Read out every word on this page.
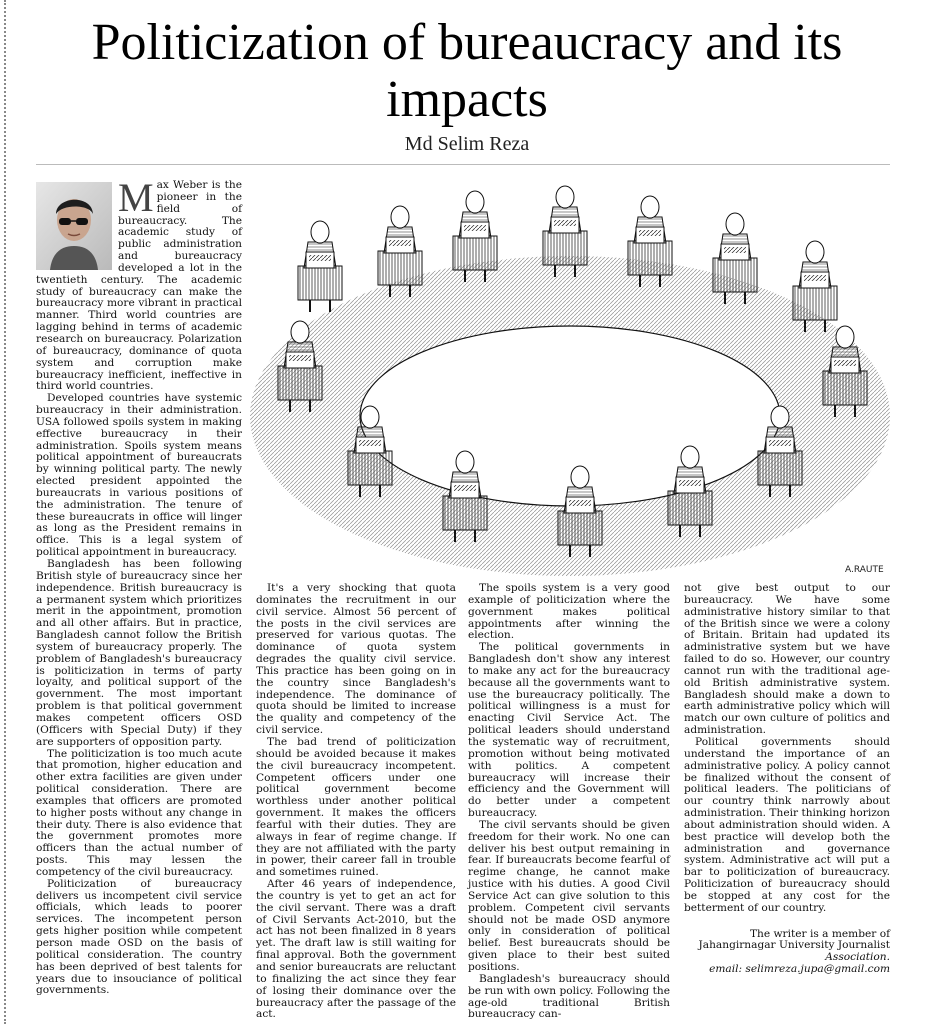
Politicization of bureaucracy and its impacts
Md Selim Reza
M ax Weber is the pioneer in the field of bureaucracy. The academic study of public administration and bureaucracy developed a lot in the twentieth century. The academic study of bureaucracy can make the bureaucracy more vibrant in practical manner. Third world countries are lagging behind in terms of academic research on bureaucracy. Polarization of bureaucracy, dominance of quota system and corruption make bureaucracy inefficient, ineffective in third world countries.

Developed countries have systemic bureaucracy in their administration. USA followed spoils system in making effective bureaucracy in their administration. Spoils system means political appointment of bureaucrats by winning political party. The newly elected president appointed the bureaucrats in various positions of the administration. The tenure of these bureaucrats in office will linger as long as the President remains in office. This is a legal system of political appointment in bureaucracy.

Bangladesh has been following British style of bureaucracy since her independence. British bureaucracy is a permanent system which prioritizes merit in the appointment, promotion and all other affairs. But in practice, Bangladesh cannot follow the British system of bureaucracy properly. The problem of Bangladesh's bureaucracy is politicization in terms of party loyalty, and political support of the government. The most important problem is that political government makes competent officers OSD (Officers with Special Duty) if they are supporters of opposition party.

The politicization is too much acute that promotion, higher education and other extra facilities are given under political consideration. There are examples that officers are promoted to higher posts without any change in their duty. There is also evidence that the government promotes more officers than the actual number of posts. This may lessen the competency of the civil bureaucracy.

Politicization of bureaucracy delivers us incompetent civil service officials, which leads to poorer services. The incompetent person gets higher position while competent person made OSD on the basis of political consideration. The country has been deprived of best talents for years due to insouciance of political governments.

A.RAUTE

It's a very shocking that quota dominates the recruitment in our civil service. Almost 56 percent of the posts in the civil services are preserved for various quotas. The dominance of quota system degrades the quality civil service. This practice has been going on in the country since Bangladesh's independence. The dominance of quota should be limited to increase the quality and competency of the civil service.

The bad trend of politicization should be avoided because it makes the civil bureaucracy incompetent. Competent officers under one political government become worthless under another political government. It makes the officers fearful with their duties. They are always in fear of regime change. If they are not affiliated with the party in power, their career fall in trouble and sometimes ruined.

After 46 years of independence, the country is yet to get an act for the civil servant. There was a draft of Civil Servants Act-2010, but the act has not been finalized in 8 years yet. The draft law is still waiting for final approval. Both the government and senior bureaucrats are reluctant to finalizing the act since they fear of losing their dominance over the bureaucracy after the passage of the act.

The spoils system is a very good example of politicization where the government makes political appointments after winning the election.

The political governments in Bangladesh don't show any interest to make any act for the bureaucracy because all the governments want to use the bureaucracy politically. The political willingness is a must for enacting Civil Service Act. The political leaders should understand the systematic way of recruitment, promotion without being motivated with politics. A competent bureaucracy will increase their efficiency and the Government will do better under a competent bureaucracy.

The civil servants should be given freedom for their work. No one can deliver his best output remaining in fear. If bureaucrats become fearful of regime change, he cannot make justice with his duties. A good Civil Service Act can give solution to this problem. Competent civil servants should not be made OSD anymore only in consideration of political belief. Best bureaucrats should be given place to their best suited positions.

Bangladesh's bureaucracy should be run with own policy. Following the age-old traditional British bureaucracy can-

not give best output to our bureaucracy. We have some administrative history similar to that of the British since we were a colony of Britain. Britain had updated its administrative system but we have failed to do so. However, our country cannot run with the traditional age-old British administrative system. Bangladesh should make a down to earth administrative policy which will match our own culture of politics and administration.

Political governments should understand the importance of an administrative policy. A policy cannot be finalized without the consent of political leaders. The politicians of our country think narrowly about administration. Their thinking horizon about administration should widen. A best practice will develop both the administration and governance system. Administrative act will put a bar to politicization of bureaucracy. Politicization of bureaucracy should be stopped at any cost for the betterment of our country.

The writer is a member of
Jahangirnagar University Journalist
Association.
email: selimreza.jupa@gmail.com
